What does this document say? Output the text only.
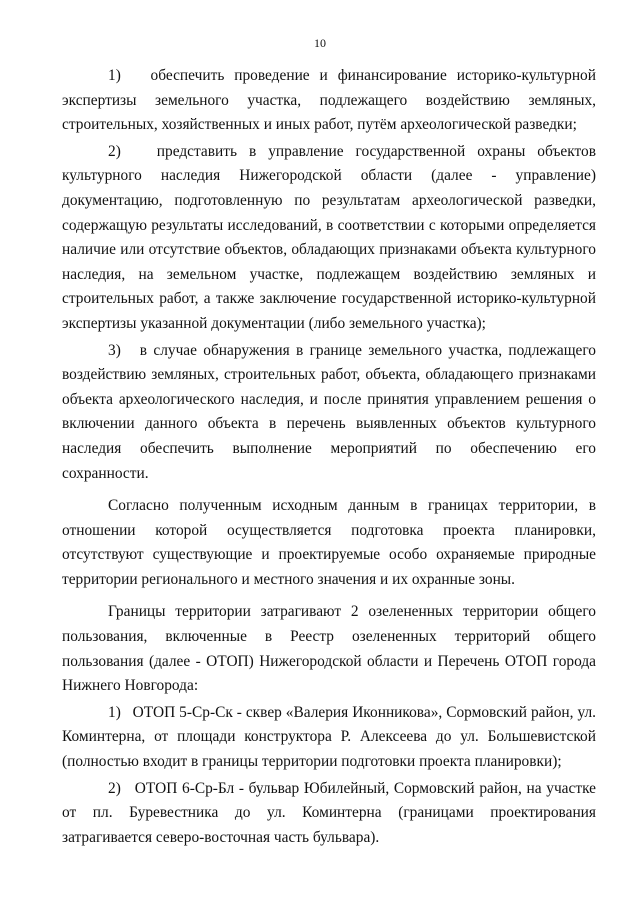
10

1)   обеспечить проведение и финансирование историко-культурной экспертизы земельного участка, подлежащего воздействию земляных, строительных, хозяйственных и иных работ, путём археологической разведки;

2)   представить в управление государственной охраны объектов культурного наследия Нижегородской области (далее - управление) документацию, подготовленную по результатам археологической разведки, содержащую результаты исследований, в соответствии с которыми определяется наличие или отсутствие объектов, обладающих признаками объекта культурного наследия, на земельном участке, подлежащем воздействию земляных и строительных работ, а также заключение государственной историко-культурной экспертизы указанной документации (либо земельного участка);

3)   в случае обнаружения в границе земельного участка, подлежащего воздействию земляных, строительных работ, объекта, обладающего признаками объекта археологического наследия, и после принятия управлением решения о включении данного объекта в перечень выявленных объектов культурного наследия обеспечить выполнение мероприятий по обеспечению его сохранности.

Согласно полученным исходным данным в границах территории, в отношении которой осуществляется подготовка проекта планировки, отсутствуют существующие и проектируемые особо охраняемые природные территории регионального и местного значения и их охранные зоны.

Границы территории затрагивают 2 озелененных территории общего пользования, включенные в Реестр озелененных территорий общего пользования (далее - ОТОП) Нижегородской области и Перечень ОТОП города Нижнего Новгорода:

1)   ОТОП 5-Ср-Ск - сквер «Валерия Иконникова», Сормовский район, ул. Коминтерна, от площади конструктора Р. Алексеева до ул. Большевистской (полностью входит в границы территории подготовки проекта планировки);

2)   ОТОП 6-Ср-Бл - бульвар Юбилейный, Сормовский район, на участке от пл. Буревестника до ул. Коминтерна (границами проектирования затрагивается северо-восточная часть бульвара).
